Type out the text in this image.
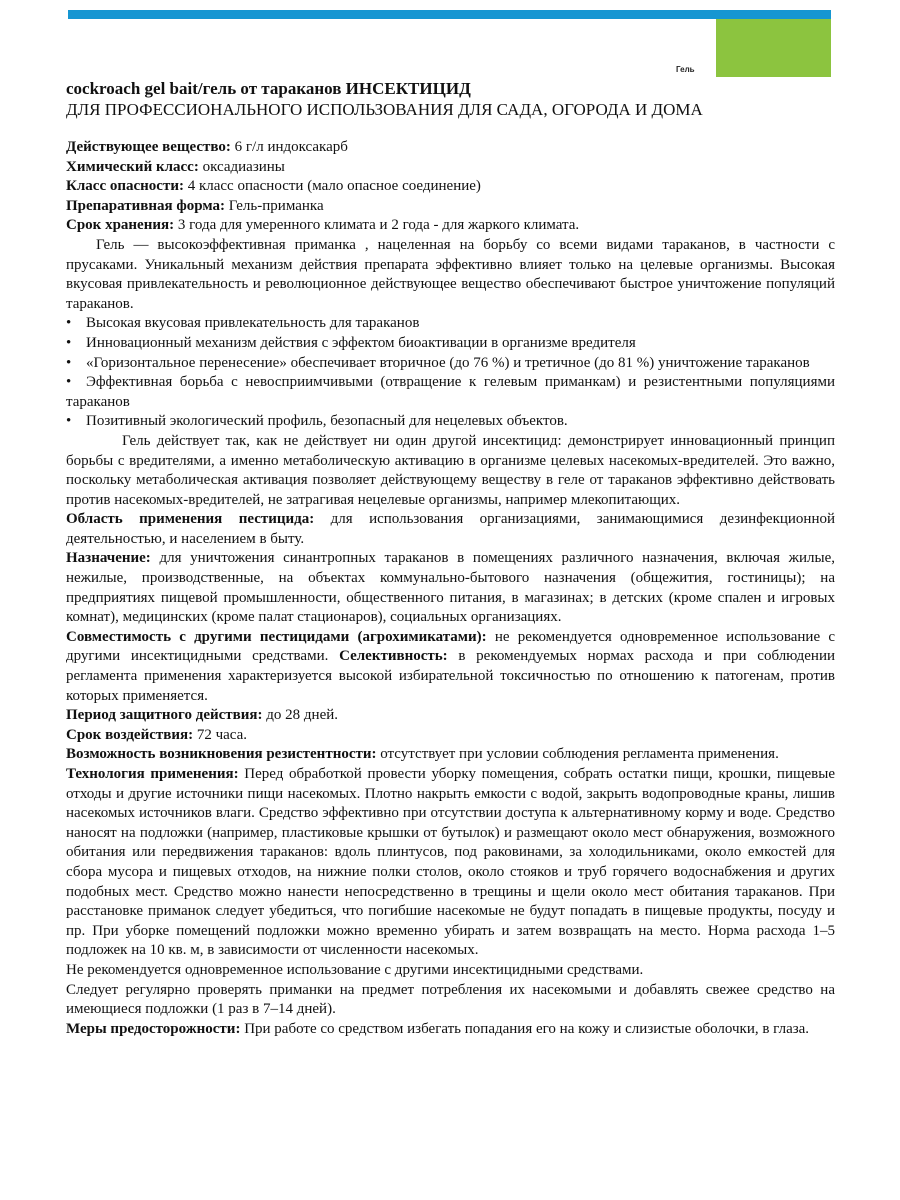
Гель

cockroach gel bait/гель от тараканов ИНСЕКТИЦИД

ДЛЯ ПРОФЕССИОНАЛЬНОГО ИСПОЛЬЗОВАНИЯ ДЛЯ САДА, ОГОРОДА И ДОМА

Действующее вещество: 6 г/л индоксакарб

Химический класс: оксадиазины

Класс опасности: 4 класс опасности (мало опасное соединение)

Препаративная форма: Гель-приманка

Срок хранения: 3 года для умеренного климата и 2 года - для жаркого климата.

Гель — высокоэффективная приманка , нацеленная на борьбу со всеми видами тараканов, в частности с прусаками. Уникальный механизм действия препарата эффективно влияет только на целевые организмы. Высокая вкусовая привлекательность и революционное действующее вещество обеспечивают быстрое уничтожение популяций тараканов.

• Высокая вкусовая привлекательность для тараканов
• Инновационный механизм действия с эффектом биоактивации в организме вредителя
• «Горизонтальное перенесение» обеспечивает вторичное (до 76 %) и третичное (до 81 %) уничтожение тараканов
• Эффективная борьба с невосприимчивыми (отвращение к гелевым приманкам) и резистентными популяциями тараканов
• Позитивный экологический профиль, безопасный для нецелевых объектов.

Гель действует так, как не действует ни один другой инсектицид: демонстрирует инновационный принцип борьбы с вредителями, а именно метаболическую активацию в организме целевых насекомых-вредителей. Это важно, поскольку метаболическая активация позволяет действующему веществу в геле от тараканов эффективно действовать против насекомых-вредителей, не затрагивая нецелевые организмы, например млекопитающих.

Область применения пестицида: для использования организациями, занимающимися дезинфекционной деятельностью, и населением в быту.

Назначение: для уничтожения синантропных тараканов в помещениях различного назначения, включая жилые, нежилые, производственные, на объектах коммунально-бытового назначения (общежития, гостиницы); на предприятиях пищевой промышленности, общественного питания, в магазинах; в детских (кроме спален и игровых комнат), медицинских (кроме палат стационаров), социальных организациях.

Совместимость с другими пестицидами (агрохимикатами): не рекомендуется одновременное использование с другими инсектицидными средствами. Селективность: в рекомендуемых нормах расхода и при соблюдении регламента применения характеризуется высокой избирательной токсичностью по отношению к патогенам, против которых применяется.

Период защитного действия: до 28 дней.

Срок воздействия: 72 часа.

Возможность возникновения резистентности: отсутствует при условии соблюдения регламента применения.

Технология применения: Перед обработкой провести уборку помещения, собрать остатки пищи, крошки, пищевые отходы и другие источники пищи насекомых. Плотно накрыть емкости с водой, закрыть водопроводные краны, лишив насекомых источников влаги. Средство эффективно при отсутствии доступа к альтернативному корму и воде. Средство наносят на подложки (например, пластиковые крышки от бутылок) и размещают около мест обнаружения, возможного обитания или передвижения тараканов: вдоль плинтусов, под раковинами, за холодильниками, около емкостей для сбора мусора и пищевых отходов, на нижние полки столов, около стояков и труб горячего водоснабжения и других подобных мест. Средство можно нанести непосредственно в трещины и щели около мест обитания тараканов. При расстановке приманок следует убедиться, что погибшие насекомые не будут попадать в пищевые продукты, посуду и пр. При уборке помещений подложки можно временно убирать и затем возвращать на место. Норма расхода 1–5 подложек на 10 кв. м, в зависимости от численности насекомых.

Не рекомендуется одновременное использование с другими инсектицидными средствами.

Следует регулярно проверять приманки на предмет потребления их насекомыми и добавлять свежее средство на имеющиеся подложки (1 раз в 7–14 дней).

Меры предосторожности: При работе со средством избегать попадания его на кожу и слизистые оболочки, в глаза.
